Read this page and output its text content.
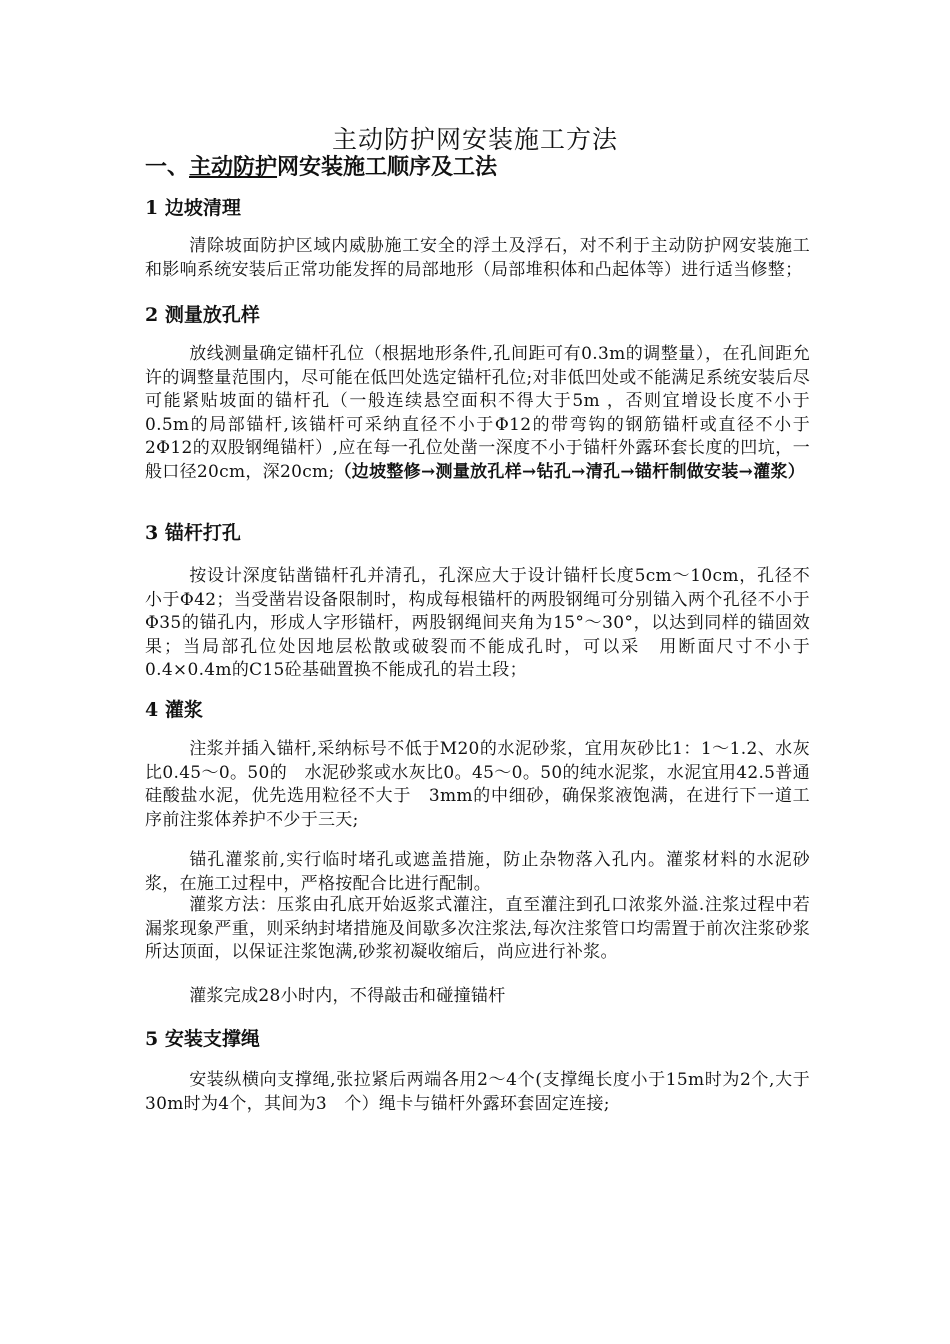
主动防护网安装施工方法
一、主动防护网安装施工顺序及工法
1 边坡清理
清除坡面防护区域内威胁施工安全的浮土及浮石，对不利于主动防护网安装施工和影响系统安装后正常功能发挥的局部地形（局部堆积体和凸起体等）进行适当修整；
2 测量放孔样
放线测量确定锚杆孔位（根据地形条件,孔间距可有0.3m的调整量），在孔间距允许的调整量范围内，尽可能在低凹处选定锚杆孔位;对非低凹处或不能满足系统安装后尽可能紧贴坡面的锚杆孔（一般连续悬空面积不得大于5m ，否则宜增设长度不小于0.5m的局部锚杆,该锚杆可采纳直径不小于Φ12的带弯钩的钢筋锚杆或直径不小于2Φ12的双股钢绳锚杆）,应在每一孔位处凿一深度不小于锚杆外露环套长度的凹坑，一般口径20cm，深20cm;（边坡整修→测量放孔样→钻孔→清孔→锚杆制做安装→灌浆）
3 锚杆打孔
按设计深度钻凿锚杆孔并清孔，孔深应大于设计锚杆长度5cm～10cm，孔径不小于Φ42；当受凿岩设备限制时，构成每根锚杆的两股钢绳可分别锚入两个孔径不小于Φ35的锚孔内，形成人字形锚杆，两股钢绳间夹角为15°～30°，以达到同样的锚固效果；当局部孔位处因地层松散或破裂而不能成孔时，可以采　用断面尺寸不小于0.4×0.4m的C15砼基础置换不能成孔的岩土段；
4 灌浆
注浆并插入锚杆,采纳标号不低于M20的水泥砂浆，宜用灰砂比1：1～1.2、水灰比0.45～0。50的　水泥砂浆或水灰比0。45～0。50的纯水泥浆，水泥宜用42.5普通硅酸盐水泥，优先选用粒径不大于　3mm的中细砂，确保浆液饱满，在进行下一道工序前注浆体养护不少于三天;
锚孔灌浆前,实行临时堵孔或遮盖措施，防止杂物落入孔内。灌浆材料的水泥砂浆，在施工过程中，严格按配合比进行配制。
灌浆方法：压浆由孔底开始返浆式灌注，直至灌注到孔口浓浆外溢.注浆过程中若漏浆现象严重，则采纳封堵措施及间歇多次注浆法,每次注浆管口均需置于前次注浆砂浆所达顶面，以保证注浆饱满,砂浆初凝收缩后，尚应进行补浆。
灌浆完成28小时内，不得敲击和碰撞锚杆
5 安装支撑绳
安装纵横向支撑绳,张拉紧后两端各用2～4个(支撑绳长度小于15m时为2个,大于30m时为4个，其间为3　个）绳卡与锚杆外露环套固定连接;
